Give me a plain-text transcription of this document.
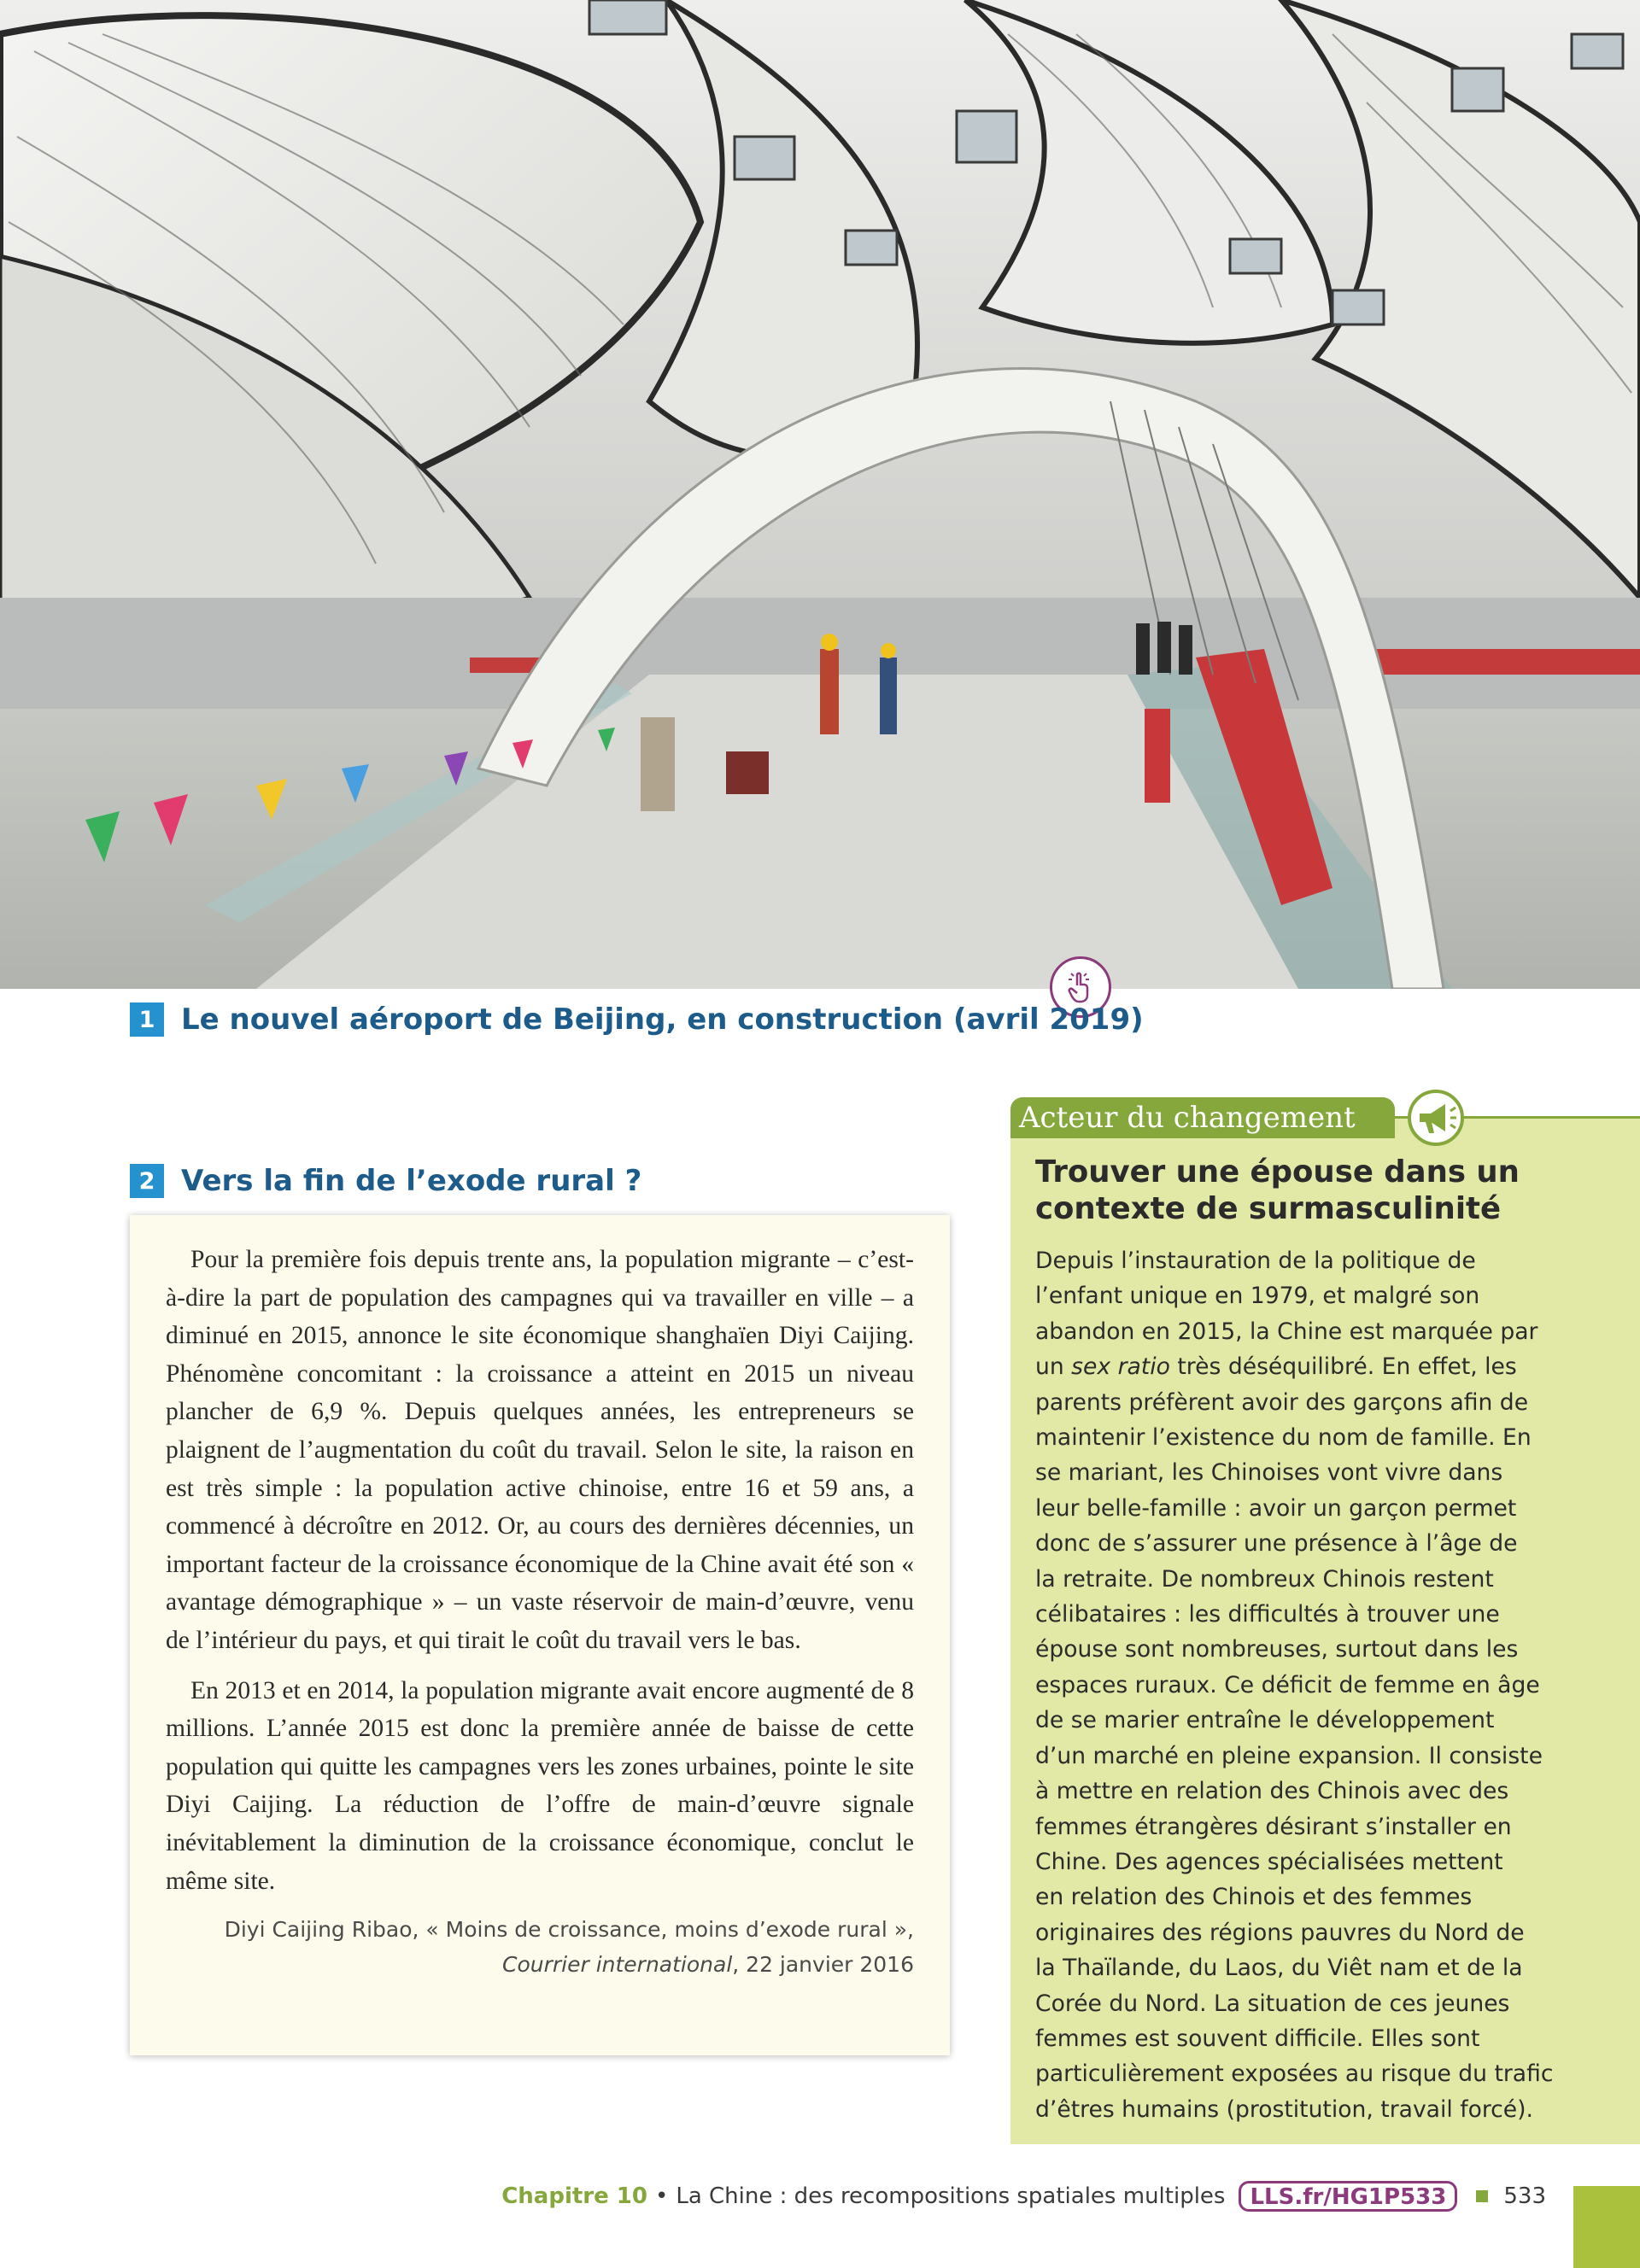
1 Le nouvel aéroport de Beijing, en construction (avril 2019)
2 Vers la fin de l’exode rural ?

Pour la première fois depuis trente ans, la population migrante – c’est-à-dire la part de population des campagnes qui va travailler en ville – a diminué en 2015, annonce le site économique shanghaïen Diyi Caijing. Phénomène concomitant : la croissance a atteint en 2015 un niveau plancher de 6,9 %. Depuis quelques années, les entrepreneurs se plaignent de l’augmentation du coût du travail. Selon le site, la raison en est très simple : la population active chinoise, entre 16 et 59 ans, a commencé à décroître en 2012. Or, au cours des dernières décennies, un important facteur de la croissance économique de la Chine avait été son « avantage démographique » – un vaste réservoir de main-d’œuvre, venu de l’intérieur du pays, et qui tirait le coût du travail vers le bas.

En 2013 et en 2014, la population migrante avait encore augmenté de 8 millions. L’année 2015 est donc la première année de baisse de cette population qui quitte les campagnes vers les zones urbaines, pointe le site Diyi Caijing. La réduction de l’offre de main-d’œuvre signale inévitablement la diminution de la croissance économique, conclut le même site.

Diyi Caijing Ribao, « Moins de croissance, moins d’exode rural »,
Courrier international, 22 janvier 2016
Acteur du changement
Trouver une épouse dans un
contexte de surmasculinité
Depuis l’instauration de la politique de
l’enfant unique en 1979, et malgré son
abandon en 2015, la Chine est marquée par
un sex ratio très déséquilibré. En effet, les
parents préfèrent avoir des garçons afin de
maintenir l’existence du nom de famille. En
se mariant, les Chinoises vont vivre dans
leur belle-famille : avoir un garçon permet
donc de s’assurer une présence à l’âge de
la retraite. De nombreux Chinois restent
célibataires : les difficultés à trouver une
épouse sont nombreuses, surtout dans les
espaces ruraux. Ce déficit de femme en âge
de se marier entraîne le développement
d’un marché en pleine expansion. Il consiste
à mettre en relation des Chinois avec des
femmes étrangères désirant s’installer en
Chine. Des agences spécialisées mettent
en relation des Chinois et des femmes
originaires des régions pauvres du Nord de
la Thaïlande, du Laos, du Viêt nam et de la
Corée du Nord. La situation de ces jeunes
femmes est souvent difficile. Elles sont
particulièrement exposées au risque du trafic
d’êtres humains (prostitution, travail forcé).
Chapitre 10 • La Chine : des recompositions spatiales multiples	LLS.fr/HG1P533	533
